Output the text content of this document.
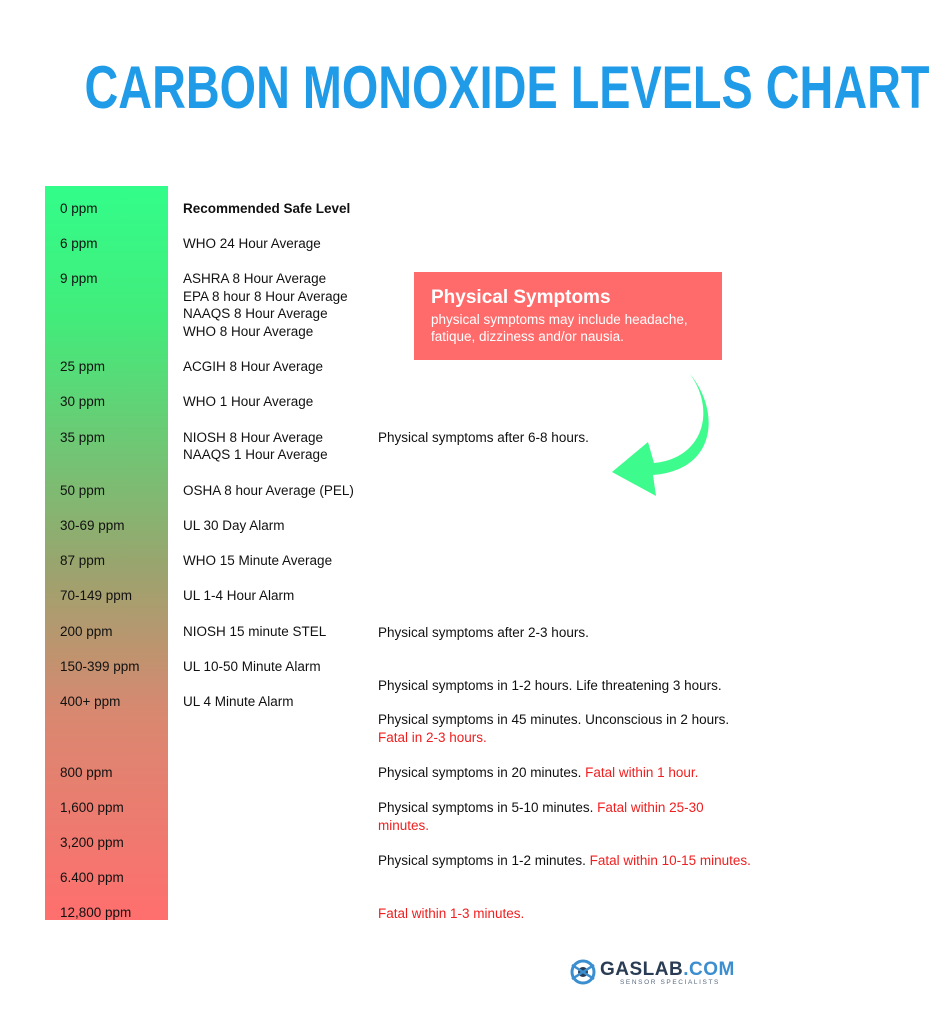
CARBON MONOXIDE LEVELS CHART
0 ppm
6 ppm
9 ppm
25 ppm
30 ppm
35 ppm
50 ppm
30-69 ppm
87 ppm
70-149 ppm
200 ppm
150-399 ppm
400+ ppm
800 ppm
1,600 ppm
3,200 ppm
6.400 ppm
12,800 ppm
Recommended Safe Level
WHO 24 Hour Average
ASHRA 8 Hour Average
EPA 8 hour 8 Hour Average
NAAQS 8 Hour Average
WHO 8 Hour Average
ACGIH 8 Hour Average
WHO 1 Hour Average
NIOSH 8 Hour Average
NAAQS 1 Hour Average
OSHA 8 hour Average (PEL)
UL 30 Day Alarm
WHO 15 Minute Average
UL 1-4 Hour Alarm
NIOSH 15 minute STEL
UL 10-50 Minute Alarm
UL 4 Minute Alarm
Physical symptoms after 6-8 hours.
Physical symptoms after 2-3 hours.
Physical symptoms in 1-2 hours. Life threatening 3 hours.
Physical symptoms in 45 minutes. Unconscious in 2 hours. Fatal in 2-3 hours.
Physical symptoms in 20 minutes. Fatal within 1 hour.
Physical symptoms in 5-10 minutes. Fatal within 25-30 minutes.
Physical symptoms in 1-2 minutes. Fatal within 10-15 minutes.
Fatal within 1-3 minutes.
Physical Symptoms
physical symptoms may include headache, fatique, dizziness and/or nausia.
GASLAB.COM
SENSOR SPECIALISTS
